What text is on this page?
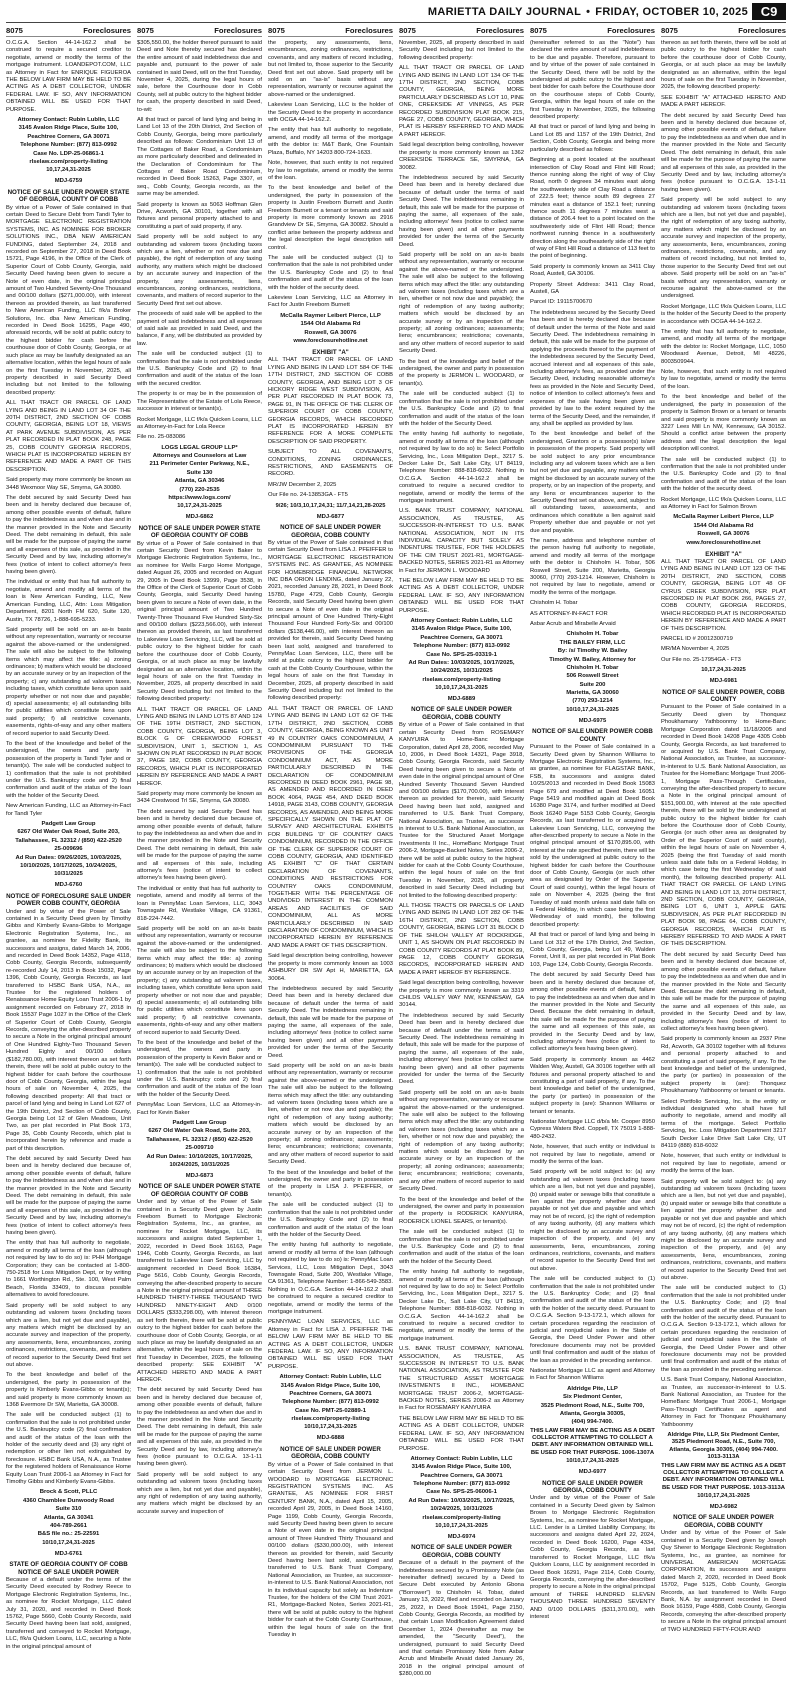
MARIETTA DAILY JOURNAL • FRIDAY, OCTOBER 10, 2025 C9
8075	Foreclosures

O.C.G.A. Section 44-14-162.2 shall be construed to require a secured creditor to negotiate, amend or modify the terms of the mortgage instrument. LOANDEPOT.COM, LLC as Attorney in Fact for ENRIQUE FIGUEROA THE BELOW LAW FIRM MAY BE HELD TO BE ACTING AS A DEBT COLLECTOR, UNDER FEDERAL LAW. IF SO, ANY INFORMATION OBTAINED WILL BE USED FOR THAT PURPOSE.

Attorney Contact: Rubin Lublin, LLC
3145 Avalon Ridge Place, Suite 100,
Peachtree Corners, GA 30071
Telephone Number: (877) 813-0992
Case No. LDP-25-06861-1
rlselaw.com/property-listing
10,17,24,31-2025
MDJ-6759
NOTICE OF SALE UNDER POWER STATE OF GEORGIA, COUNTY OF COBB

By virtue of a Power of Sale contained in that certain Deed to Secure Debt from Tandi Tyler to MORTGAGE ELECTRONIC REGISTRATION SYSTEMS, INC. AS NOMINEE FOR BROKER SOLUTIONS INC., DBA NEW AMERICAN FUNDING, dated September 24, 2018 and recorded on September 27, 2018 in Deed Book 15721, Page 4196, in the Office of the Clerk of Superior Court of Cobb County, Georgia, said Security Deed having been given to secure a Note of even date, in the original principal amount of Two Hundred Seventy-One Thousand and 00/100 dollars ($271,000.00), with interest thereon as provided therein, as last transferred to New American Funding, LLC f/k/a Broker Solutions, Inc. dba New American Funding, recorded in Deed Book 16295, Page 490, aforesaid records, will be sold at public outcry to the highest bidder for cash before the courthouse door of Cobb County, Georgia, or at such place as may be lawfully designated as an alternative location, within the legal hours of sale on the first Tuesday in November, 2025, all property described in said Security Deed including but not limited to the following described property:

ALL THAT TRACT OR PARCEL OF LAND LYING AND BEING IN LAND LOT 34 OF THE 20TH DISTRICT, 2ND SECTION OF COBB COUNTY, GEORGIA, BEING LOT 18, VIEWS AT PARK AVENUE SUBDIVISION, AS PER PLAT RECORDED IN PLAT BOOK 248, PAGE 25, COBB COUNTY GEORGIA RECORDS, WHICH PLAT IS INCORPORATED HEREIN BY REFERENCE AND MADE A PART OF THIS DESCRIPTION.

Said property may more commonly be known as 3448 Wexmoor Way SE, Smyrna, GA 30080.

The debt secured by said Security Deed has been and is hereby declared due because of, among other possible events of default, failure to pay the indebtedness as and when due and in the manner provided in the Note and Security Deed. The debt remaining in default, this sale will be made for the purpose of paying the same and all expenses of this sale, as provided in the Security Deed and by law, including attorney's fees (notice of intent to collect attorney's fees having been given).

The individual or entity that has full authority to negotiate, amend and modify all terms of the loan is New American Funding, LLC, New American Funding, LLC, Attn: Loss Mitigation Department, 8201 North FM 620, Suite 120, Austin, TX 78726, 1-888-695-5233.

Said property will be sold on an as-is basis without any representation, warranty or recourse against the above-named or the undersigned. The sale will also be subject to the following items which may affect the title: a) zoning ordinances; b) matters which would be disclosed by an accurate survey or by an inspection of the property; c) any outstanding ad valorem taxes, including taxes, which constitute liens upon said property whether or not now due and payable; d) special assessments; e) all outstanding bills for public utilities which constitute liens upon said property; f) all restrictive covenants, easements, rights-of-way and any other matters of record superior to said Security Deed.

To the best of the knowledge and belief of the undersigned, the owners and party in possession of the property is Tandi Tyler and or tenant(s). The sale will be conducted subject to 1) confirmation that the sale is not prohibited under the U.S. Bankruptcy code and 2) final confirmation and audit of the status of the loan with the holder of the Security Deed.

New American Funding, LLC as Attorney-in-Fact for Tandi Tyler

Padgett Law Group
6267 Old Water Oak Road, Suite 203,
Tallahassee, FL 32312 / (850) 422-2520
25-009696
Ad Run Dates: 09/26/2025, 10/03/2025,
10/10/2025, 10/17/2025, 10/24/2025,
10/31/2025
MDJ-6760
NOTICE OF FORECLOSURE SALE UNDER POWER COBB COUNTY, GEORGIA

Under and by virtue of the Power of Sale contained in a Security Deed given by Timothy Gibbs and Kimberly Evans-Gibbs to Mortgage Electronic Registration Systems, Inc., as grantee, as nominee for Fidelity Bank, its successors and assigns, dated March 14, 2006, and recorded in Deed Book 14352, Page 4118, Cobb County, Georgia Records, subsequently re-recorded July 14, 2013 in Book 15032, Page 1396, Cobb County, Georgia Records, as last transferred to HSBC Bank USA, N.A., as Trustee for the registered holders of Renaissance Home Equity Loan Trust 2006-1 by assignment recorded on February 27, 2018 in Book 15537 Page 1027 in the Office of the Clerk of Superior Court of Cobb County, Georgia Records, conveying the after-described property to secure a Note in the original principal amount of One Hundred Eighty-Two Thousand Seven Hundred Eighty and 00/100 dollars ($182,780.00), with interest thereon as set forth therein, there will be sold at public outcry to the highest bidder for cash before the courthouse door of Cobb County, Georgia, within the legal hours of sale on November 4, 2025, the following described property: All that tract or parcel of land lying and being in Land Lot 627 of the 19th District, 2nd Section of Cobb County, Georgia being Lot 12 of Glen Meadows, Unit Two, as per plat recorded in Plat Book 173, Page 35, Cobb County Records, which plat is incorporated herein by reference and made a part of this description.

The debt secured by said Security Deed has been and is hereby declared due because of, among other possible events of default, failure to pay the indebtedness as and when due and in the manner provided in the Note and Security Deed. The debt remaining in default, this sale will be made for the purpose of paying the same and all expenses of this sale, as provided in the Security Deed and by law, including attorney's fees (notice of intent to collect attorney's fees having been given).

The entity that has full authority to negotiate, amend or modify all terms of the loan (although not required by law to do so) is: PHH Mortgage Corporation; they can be contacted at 1-800-750-2518 for Loss Mitigation Dept, or by writing to 1661 Worthington Rd., Ste. 100, West Palm Beach, Florida 33409, to discuss possible alternatives to avoid foreclosure.

Said property will be sold subject to any outstanding ad valorem taxes (including taxes which are a lien, but not yet due and payable), any matters which might be disclosed by an accurate survey and inspection of the property, any assessments, liens, encumbrances, zoning ordinances, restrictions, covenants, and matters of record superior to the Security Deed first set out above.

To the best knowledge and belief of the undersigned, the party in possession of the property is Kimberly Evans-Gibbs or tenant(s); and said property is more commonly known as 1368 Evermore Dr SW, Marietta, GA 30008.

The sale will be conducted subject (1) to confirmation that the sale is not prohibited under the U.S. Bankruptcy code (2) final confirmation and audit of the status of the loan with the holder of the security deed and (3) any right of redemption or other lien not extinguished by foreclosure. HSBC Bank USA, N.A., as Trustee for the registered holders of Renaissance Home Equity Loan Trust 2006-1 as Attorney in Fact for Timothy Gibbs and Kimberly Evans-Gibbs.

Brock & Scott, PLLC
4360 Chamblee Dunwoody Road
Suite 310
Atlanta, GA 30341
404-789-2661
B&S file no.: 25-22591
10/10,17,24,31-2025
MDJ-6761
STATE OF GEORGIA COUNTY OF COBB NOTICE OF SALE UNDER POWER

Because of a default under the terms of the Security Deed executed by Rodney Reece to Mortgage Electronic Registration Systems, Inc., as nominee for Rocket Mortgage, LLC dated July 31, 2020, and recorded in Deed Book 15762, Page 5660, Cobb County Records, said Security Deed having been last sold, assigned, transferred and conveyed to Rocket Mortgage, LLC, f/k/a Quicken Loans, LLC, securing a Note in the original principal amount of

8075	Foreclosures

$305,550.00, the holder thereof pursuant to said Deed and Note thereby secured has declared the entire amount of said indebtedness due and payable and, pursuant to the power of sale contained in said Deed, will on the first Tuesday, November 4, 2025, during the legal hours of sale, before the Courthouse door in Cobb County, sell at public outcry to the highest bidder for cash, the property described in said Deed, to-wit:

All that tract or parcel of land lying and being in Land Lot 13 of the 20th District, 2nd Section of Cobb County, Georgia, being more particularly described as follows: Condominium Unit 13 of The Cottages of Baker Road, a Condominium as more particularly described and delineated in the Declaration of Condominium for The Cottages of Baker Road Condominium, recorded in Deed Book 15263, Page 3307, et seq., Cobb County, Georgia records, as the same may be amended.

Said property is known as 5063 Hoffman Glen Drive, Acworth, GA 30101, together with all fixtures and personal property attached to and constituting a part of said property, if any.

Said property will be sold subject to any outstanding ad valorem taxes (including taxes which are a lien, whether or not now due and payable), the right of redemption of any taxing authority, any matters which might be disclosed by an accurate survey and inspection of the property, any assessments, liens, encumbrances, zoning ordinances, restrictions, covenants, and matters of record superior to the Security Deed first set out above.

The proceeds of said sale will be applied to the payment of said indebtedness and all expenses of said sale as provided in said Deed, and the balance, if any, will be distributed as provided by law.

The sale will be conducted subject (1) to confirmation that the sale is not prohibited under the U.S. Bankruptcy Code and (2) to final confirmation and audit of the status of the loan with the secured creditor.

The property is or may be in the possession of The Representative of the Estate of Lola Reece, successor in interest or tenant(s).

Rocket Mortgage, LLC f/k/a Quicken Loans, LLC as Attorney-in-Fact for Lola Reece

File no. 25-083086

LOGS LEGAL GROUP LLP*
Attorneys and Counselors at Law
211 Perimeter Center Parkway, N.E.,
Suite 130
Atlanta, GA 30346
(770) 220-2535
https://www.logs.com/
10,17,24,31-2025
MDJ-6862
NOTICE OF SALE UNDER POWER STATE OF GEORGIA COUNTY OF COBB

By virtue of a Power of Sale contained in that certain Security Deed from Kevin Baker to Mortgage Electronic Registration Systems, Inc., as nominee for Wells Fargo Home Mortgage, dated August 26, 2005 and recorded on August 29, 2005 in Deed Book 13999, Page 3538, in the Office of the Clerk of Superior Court of Cobb County, Georgia, said Security Deed having been given to secure a Note of even date, in the original principal amount of Two Hundred Twenty-Three Thousand Five Hundred Sixty-Six and 00/100 dollars ($223,566.00), with interest thereon as provided therein, as last transferred to Lakeview Loan Servicing, LLC, will be sold at public outcry to the highest bidder for cash before the courthouse door of Cobb County, Georgia, or at such place as may be lawfully designated as an alternative location, within the legal hours of sale on the first Tuesday in November, 2025, all property described in said Security Deed including but not limited to the following described property:

ALL THAT TRACT OR PARCEL OF LAND LYING AND BEING IN LAND LOTS 87 AND 124 OF THE 19TH DISTRICT, 2ND SECTION, COBB COUNTY, GEORGIA, BEING LOT 3, BLOCK G OF CREEKWOOD FOREST SUBDIVISION, UNIT 1, SECTION 1, AS SHOWN ON PLAT RECORDED IN PLAT BOOK 37, PAGE 182, COBB COUNTY, GEORGIA RECORDS, WHICH PLAT IS INCORPORATED HEREIN BY REFERENCE AND MADE A PART HEREOF.

Said property may more commonly be known as 3434 Crestwood Trl SE, Smyrna, GA 30080.

The debt secured by said Security Deed has been and is hereby declared due because of, among other possible events of default, failure to pay the indebtedness as and when due and in the manner provided in the Note and Security Deed. The debt remaining in default, this sale will be made for the purpose of paying the same and all expenses of this sale, including attorney's fees (notice of intent to collect attorney's fees having been given).

The individual or entity that has full authority to negotiate, amend and modify all terms of the loan is PennyMac Loan Services, LLC, 3043 Townsgate Rd, Westlake Village, CA 91361, 818-224-7442.

Said property will be sold on an as-is basis without any representation, warranty or recourse against the above-named or the undersigned. The sale will also be subject to the following items which may affect the title: a) zoning ordinances; b) matters which would be disclosed by an accurate survey or by an inspection of the property; c) any outstanding ad valorem taxes, including taxes, which constitute liens upon said property whether or not now due and payable; d) special assessments; e) all outstanding bills for public utilities which constitute liens upon said property; f) all restrictive covenants, easements, rights-of-way and any other matters of record superior to said Security Deed.

To the best of the knowledge and belief of the undersigned, the owners and party in possession of the property is Kevin Baker and or tenant(s). The sale will be conducted subject to 1) confirmation that the sale is not prohibited under the U.S. Bankruptcy code and 2) final confirmation and audit of the status of the loan with the holder of the Security Deed.

PennyMac Loan Services, LLC as Attorney-in-Fact for Kevin Baker

Padgett Law Group
6267 Old Water Oak Road, Suite 203,
Tallahassee, FL 32312 / (850) 422-2520
25-009710
Ad Run Dates: 10/10/2025, 10/17/2025,
10/24/2025, 10/31/2025
MDJ-6873
NOTICE OF SALE UNDER POWER STATE OF GEORGIA COUNTY OF COBB

Under and by virtue of the Power of Sale contained in a Security Deed given by Justin Freeborn Burnett to Mortgage Electronic Registration Systems, Inc., as grantee, as nominee for Rocket Mortgage, LLC, its successors and assigns dated September 1, 2022, recorded in Deed Book 16163, Page 1946, Cobb County, Georgia Records, as last transferred to Lakeview Loan Servicing, LLC by assignment recorded in Deed Book 16384, Page 5616, Cobb County, Georgia Records, conveying the after-described property to secure a Note in the original principal amount of THREE HUNDRED THIRTY-THREE THOUSAND TWO HUNDRED NINETY-EIGHT AND 0/100 DOLLARS ($333,298.00), with interest thereon as set forth therein, there will be sold at public outcry to the highest bidder for cash before the courthouse door of Cobb County, Georgia, or at such place as may be lawfully designated as an alternative, within the legal hours of sale on the first Tuesday in December, 2025, the following described property: SEE EXHIBIT "A" ATTACHED HERETO AND MADE A PART HEREOF.

The debt secured by said Security Deed has been and is hereby declared due because of, among other possible events of default, failure to pay the indebtedness as and when due and in the manner provided in the Note and Security Deed. The debt remaining in default, this sale will be made for the purpose of paying the same and all expenses of this sale, as provided in the Security Deed and by law, including attorney's fees (notice pursuant to O.C.G.A. 13-1-11 having been given).

Said property will be sold subject to any outstanding ad valorem taxes (including taxes which are a lien, but not yet due and payable), any right of redemption of any taxing authority, any matters which might be disclosed by an accurate survey and inspection of

8075	Foreclosures

the property, any assessments, liens, encumbrances, zoning ordinances, restrictions, covenants, and any matters of record including, but not limited to, those superior to the Security Deed first set out above. Said property will be sold on an "as-is" basis without any representation, warranty or recourse against the above-named or the undersigned.

Lakeview Loan Servicing, LLC is the holder of the Security Deed to the property in accordance with OCGA 44-14-162.2.

The entity that has full authority to negotiate, amend, and modify all terms of the mortgage with the debtor is: M&T Bank, One Fountain Plaza, Buffalo, NY 14203 800-724-1633.

Note, however, that such entity is not required by law to negotiate, amend or modify the terms of the loan.

To the best knowledge and belief of the undersigned, the party in possession of the property is Justin Freeborn Burnett and Justin Freeborn Burnett or a tenant or tenants and said property is more commonly known as 2916 Grandview Dr SE, Smyrna, GA 30082. Should a conflict arise between the property address and the legal description the legal description will control.

The sale will be conducted subject (1) to confirmation that the sale is not prohibited under the U.S. Bankruptcy Code and (2) to final confirmation and audit of the status of the loan with the holder of the security deed.

Lakeview Loan Servicing, LLC as Attorney in Fact for Justin Freeborn Burnett

McCalla Raymer Leibert Pierce, LLP
1544 Old Alabama Rd
Roswell, GA 30076
www.foreclosurehotline.net
EXHIBIT "A"

ALL THAT TRACT OR PARCEL OF LAND LYING AND BEING IN LAND LOT 584 OF THE 17TH DISTRICT, 2ND SECTION OF COBB COUNTY, GEORGIA, AND BEING LOT 3 OF HICKORY RIDGE WEST SUBDIVISION, AS PER PLAT RECORDED IN PLAT BOOK 73, PAGE 91, IN THE OFFICE OF THE CLERK OF SUPERIOR COURT OF COBB COUNTY, GEORGIA RECORDS, WHICH RECORDED PLAT IS INCORPORATED HEREIN BY REFERENCE FOR A MORE COMPLETE DESCRIPTION OF SAID PROPERTY.

SUBJECT TO ALL COVENANTS, CONDITIONS, ZONING ORDINANCES, RESTRICTIONS, AND EASEMENTS OF RECORD.

MR/JW December 2, 2025

Our File no. 24-13853GA - FT5

9/26; 10/3,10,17,24,31; 11/7,14,21,28-2025
MDJ-6877
NOTICE OF SALE UNDER POWER GEORGIA, COBB COUNTY

By virtue of the Power of Sale contained in that certain Security Deed from LISA J. PFEIFFER to MORTGAGE ELECTRONIC REGISTRATION SYSTEMS INC. AS GRANTEE, AS NOMINEE FOR HOMEBRIDGE FINANCIAL NETWORK INC DBA ORION LENDING, dated January 22, 2021, recorded January 28, 2021, in Deed Book 15780, Page 4729, Cobb County, Georgia Records, said Security Deed having been given to secure a Note of even date in the original principal amount of One Hundred Thirty-Eight Thousand Four Hundred Forty-Six and 00/100 dollars ($138,446.00), with interest thereon as provided for therein, said Security Deed having been last sold, assigned and transferred to PennyMac Loan Services, LLC, there will be sold at public outcry to the highest bidder for cash at the Cobb County Courthouse, within the legal hours of sale on the first Tuesday in December, 2025, all property described in said Security Deed including but not limited to the following described property:

ALL THAT TRACT OR PARCEL OF LAND LYING AND BEING IN LAND LOT 62 OF THE 17TH DISTRICT, 2ND SECTION, COBB COUNTY, GEORGIA, BEING KNOWN AS UNIT 49 IN COUNTRY OAKS CONDOMINIUM, A CONDOMINIUM PURSUANT TO THE PROVISIONS OF THE GEORGIA CONDOMINIUM ACT, AS MORE PARTICULARLY DESCRIBED IN THE DECLARATION OF CONDOMINIUM RECORDED IN DEED BOOK 2961, PAGE 98, AS AMENDED AND RECORDED IN DEED BOOK 4064, PAGE 454, AND DEED BOOK 14918, PAGE 3143, COBB COUNTY, GEORGIA RECORDS, AS AMENDED, AND BEING MORE SPECIFICALLY SHOWN ON THE PLAT OF SURVEY AND ARCHITECTURAL EXHIBITS FOR BUILDING 'D' OF COUNTRY OAKS CONDOMINIUM, RECORDED IN THE OFFICE OF THE CLERK OF SUPERIOR COURT OF COBB COUNTY, GEORGIA, AND IDENTIFIED AS EXHIBIT "C" OF THAT CERTAIN DECLARATION OF COVENANTS, CONDITIONS AND RESTRICTIONS FOR COUNTRY OAKS CONDOMINIUM, TOGETHER WITH THE PERCENTAGE OF UNDIVIDED INTEREST IN THE COMMON AREAS AND FACILITIES OF SAID CONDOMINIUM, ALL AS MORE PARTICULARLY DESCRIBED IN SAID DECLARATION OF CONDOMINIUM, WHICH IS INCORPORATED HEREIN BY REFERENCE AND MADE A PART OF THIS DESCRIPTION.

Said legal description being controlling, however the property is more commonly known as 1003 ASHBURY DR SW Apt H, MARIETTA, GA 30064.

The indebtedness secured by said Security Deed has been and is hereby declared due because of default under the terms of said Security Deed. The indebtedness remaining in default, this sale will be made for the purpose of paying the same, all expenses of the sale, including attorneys' fees (notice to collect same having been given) and all other payments provided for under the terms of the Security Deed.

Said property will be sold on an as-is basis without any representation, warranty or recourse against the above-named or the undersigned. The sale will also be subject to the following items which may affect the title: any outstanding ad valorem taxes (including taxes which are a lien, whether or not now due and payable); the right of redemption of any taxing authority; matters which would be disclosed by an accurate survey or by an inspection of the property; all zoning ordinances; assessments; liens; encumbrances; restrictions; covenants, and any other matters of record superior to said Security Deed.

To the best of the knowledge and belief of the undersigned, the owner and party in possession of the property is LISA J. PFEIFFER, or tenant(s).

The sale will be conducted subject (1) to confirmation that the sale is not prohibited under the U.S. Bankruptcy Code and (2) to final confirmation and audit of the status of the loan with the holder of the Security Deed.

The entity having full authority to negotiate, amend or modify all terms of the loan (although not required by law to do so) is: PennyMac Loan Services, LLC, Loss Mitigation Dept., 3043 Townsgate Road, Suite 200, Westlake Village, CA 91361, Telephone Number: 1-866-549-3583. Nothing in O.C.G.A. Section 44-14-162.2 shall be construed to require a secured creditor to negotiate, amend or modify the terms of the mortgage instrument.

PENNYMAC LOAN SERVICES, LLC as Attorney in Fact for LISA J. PFEIFFER THE BELOW LAW FIRM MAY BE HELD TO BE ACTING AS A DEBT COLLECTOR, UNDER FEDERAL LAW. IF SO, ANY INFORMATION OBTAINED WILL BE USED FOR THAT PURPOSE.

Attorney Contact: Rubin Lublin, LLC
3145 Avalon Ridge Place, Suite 100,
Peachtree Corners, GA 30071
Telephone Number: (877) 813-0992
Case No. PMT-25-02889-1
rlselaw.com/property-listing
10/10,17,24,31-2025
MDJ-6888
NOTICE OF SALE UNDER POWER GEORGIA, COBB COUNTY

By virtue of a Power of Sale contained in that certain Security Deed from JERMON L. WOODARD to MORTGAGE ELECTRONIC REGISTRATION SYSTEMS INC. AS GRANTEE, AS NOMINEE FOR FIRST CENTURY BANK, N.A., dated April 15, 2005, recorded April 29, 2005, in Deed Book 14160, Page 1199, Cobb County, Georgia Records, said Security Deed having been given to secure a Note of even date in the original principal amount of Three Hundred Thirty Thousand and 00/100 dollars ($330,000.00), with interest thereon as provided for therein, said Security Deed having been last sold, assigned and transferred to U.S. Bank Trust Company, National Association, as Trustee, as successor-in-interest to U.S. Bank National Association, not in its individual capacity but solely as Indenture Trustee, for the holders of the CIM Trust 2021-R1, Mortgage-Backed Notes, Series 2021-R1, there will be sold at public outcry to the highest bidder for cash at the Cobb County Courthouse, within the legal hours of sale on the first Tuesday in

8075	Foreclosures

November, 2025, all property described in said Security Deed including but not limited to the following described property:

ALL THAT TRACT OR PARCEL OF LAND LYING AND BEING IN LAND LOT 134 OF THE 17TH DISTRICT, 2ND SECTION, COBB COUNTY, GEORGIA, BEING MORE PARTICULARLY DESCRIBED AS LOT 10, PINE ONE, CREEKSIDE AT VININGS, AS PER RECORDED SUBDIVISION PLAT BOOK 215, PAGE 27, COBB COUNTY, GEORGIA, WHICH PLAT IS HEREBY REFERRED TO AND MADE A PART HEREOF.

Said legal description being controlling, however the property is more commonly known as 1362 CREEKSIDE TERRACE SE, SMYRNA, GA 30082.

The indebtedness secured by said Security Deed has been and is hereby declared due because of default under the terms of said Security Deed. The indebtedness remaining in default, this sale will be made for the purpose of paying the same, all expenses of the sale, including attorneys' fees (notice to collect same having been given) and all other payments provided for under the terms of the Security Deed.

Said property will be sold on an as-is basis without any representation, warranty or recourse against the above-named or the undersigned. The sale will also be subject to the following items which may affect the title: any outstanding ad valorem taxes (including taxes which are a lien, whether or not now due and payable); the right of redemption of any taxing authority; matters which would be disclosed by an accurate survey or by an inspection of the property; all zoning ordinances; assessments; liens; encumbrances; restrictions; covenants, and any other matters of record superior to said Security Deed.

To the best of the knowledge and belief of the undersigned, the owner and party in possession of the property is JERMON L. WOODARD, or tenant(s).

The sale will be conducted subject (1) to confirmation that the sale is not prohibited under the U.S. Bankruptcy Code and (2) to final confirmation and audit of the status of the loan with the holder of the Security Deed.

The entity having full authority to negotiate, amend or modify all terms of the loan (although not required by law to do so) is: Select Portfolio Servicing, Inc., Loss Mitigation Dept., 3217 S. Decker Lake Dr., Salt Lake City, UT 84119, Telephone Number: 888-818-6032. Nothing in O.C.G.A. Section 44-14-162.2 shall be construed to require a secured creditor to negotiate, amend or modify the terms of the mortgage instrument.

U.S. BANK TRUST COMPANY, NATIONAL ASSOCIATION, AS TRUSTEE, AS SUCCESSOR-IN-INTEREST TO U.S. BANK NATIONAL ASSOCIATION, NOT IN ITS INDIVIDUAL CAPACITY BUT SOLELY AS INDENTURE TRUSTEE, FOR THE HOLDERS OF THE CIM TRUST 2021-R1, MORTGAGE-BACKED NOTES, SERIES 2021-R1 as Attorney in Fact for JERMON L. WOODARD

THE BELOW LAW FIRM MAY BE HELD TO BE ACTING AS A DEBT COLLECTOR, UNDER FEDERAL LAW. IF SO, ANY INFORMATION OBTAINED WILL BE USED FOR THAT PURPOSE.

Attorney Contact: Rubin Lublin, LLC
3145 Avalon Ridge Place, Suite 100,
Peachtree Corners, GA 30071
Telephone Number: (877) 813-0992
Case No. SPS-25-03319-1
Ad Run Dates: 10/03/2025, 10/17/2025,
10/24/2025, 10/31/2025
rlselaw.com/property-listing
10,10,17,24,31-2025
MDJ-6889
NOTICE OF SALE UNDER POWER GEORGIA, COBB COUNTY

By virtue of a Power of Sale contained in that certain Security Deed from ROSEMARY KANYUIRA to Home-Banc Mortgage Corporation, dated April 28, 2006, recorded May 10, 2006, in Deed Book 14321, Page 3918, Cobb County, Georgia Records, said Security Deed having been given to secure a Note of even date in the original principal amount of One Hundred Seventy Thousand Seven Hundred and 00/100 dollars ($170,700.00), with interest thereon as provided for therein, said Security Deed having been last sold, assigned and transferred to U.S. Bank Trust Company, National Association, as Trustee, as successor in interest to U.S. Bank National Association, as Trustee for the Structured Asset Mortgage Investments II Inc., HomeBanc Mortgage Trust 2006-2, Mortgage-Backed Notes, Series 2006-2, there will be sold at public outcry to the highest bidder for cash at the Cobb County Courthouse, within the legal hours of sale on the first Tuesday in November, 2025, all property described in said Security Deed including but not limited to the following described property:

ALL THOSE TRACTS OR PARCELS OF LAND LYING AND BEING IN LAND LOT 282 OF THE 16TH DISTRICT, 2ND SECTION, COBB COUNTY, GEORGIA, BEING LOT 31 BLOCK D OF THE SHILOH VALLEY AT ROCKRIDGE, UNIT 1, AS SHOWN ON PLAT RECORDED IN COBB COUNTY RECORDS AT PLAT BOOK 89, PAGE 12, COBB COUNTY GEORGIA RECORDS, INCORPORATED HEREIN AND MADE A PART HEREOF BY REFERENCE.

Said legal description being controlling, however the property is more commonly known as 3319 CHILDS VALLEY WAY NW, KENNESAW, GA 30144.

The indebtedness secured by said Security Deed has been and is hereby declared due because of default under the terms of said Security Deed. The indebtedness remaining in default, this sale will be made for the purpose of paying the same, all expenses of the sale, including attorneys' fees (notice to collect same having been given) and all other payments provided for under the terms of the Security Deed.

Said property will be sold on an as-is basis without any representation, warranty or recourse against the above-named or the undersigned. The sale will also be subject to the following items which may affect the title: any outstanding ad valorem taxes (including taxes which are a lien, whether or not now due and payable); the right of redemption of any taxing authority; matters which would be disclosed by an accurate survey or by an inspection of the property; all zoning ordinances; assessments; liens; encumbrances; restrictions; covenants, and any other matters of record superior to said Security Deed.

To the best of the knowledge and belief of the undersigned, the owner and party in possession of the property is RODERICK KANYUIRA, RODERICK LIONEL SEARS, or tenant(s).

The sale will be conducted subject (1) to confirmation that the sale is not prohibited under the U.S. Bankruptcy Code and (2) to final confirmation and audit of the status of the loan with the holder of the Security Deed.

The entity having full authority to negotiate, amend or modify all terms of the loan (although not required by law to do so) is: Select Portfolio Servicing, Inc., Loss Mitigation Dept., 3217 S. Decker Lake Dr., Salt Lake City, UT 84119, Telephone Number: 888-818-6032. Nothing in O.C.G.A. Section 44-14-162.2 shall be construed to require a secured creditor to negotiate, amend or modify the terms of the mortgage instrument.

U.S. BANK TRUST COMPANY, NATIONAL ASSOCIATION, AS TRUSTEE, AS SUCCESSOR IN INTEREST TO U.S. BANK NATIONAL ASSOCIATION, AS TRUSTEE FOR THE STRUCTURED ASSET MORTGAGE INVESTMENTS II INC., HOMEBANC MORTGAGE TRUST 2006-2, MORTGAGE-BACKED NOTES, SERIES 2006-2 as Attorney in Fact for ROSEMARY KANYUIRA

THE BELOW LAW FIRM MAY BE HELD TO BE ACTING AS A DEBT COLLECTOR, UNDER FEDERAL LAW. IF SO, ANY INFORMATION OBTAINED WILL BE USED FOR THAT PURPOSE.

Attorney Contact: Rubin Lublin, LLC
3145 Avalon Ridge Place, Suite 100,
Peachtree Corners, GA 30071
Telephone Number: (877) 813-0992
Case No. SPS-25-06006-1
Ad Run Dates: 10/03/2025, 10/17/2025,
10/24/2025, 10/31/2025
rlselaw.com/property-listing
10,10,17,24,31-2025
MDJ-6974
NOTICE OF SALE UNDER POWER GEORGIA, COBB COUNTY

Because of a default in the payment of the indebtedness secured by a Promissory Note (as hereinafter defined) secured by a Deed to Secure Debt executed by Antonio Gbona ("Borrower") to Chisholm H. Tobar, dated January 13, 2022, filed and recorded on January 25, 2022, in Deed Book 15941, Page 2150, Cobb County, Georgia Records, as modified by that certain Loan Modification Agreement dated December 1, 2024 (hereinafter as may be amended, the "Security Deed"), the undersigned, pursuant to said Security Deed and that certain Promissory Note from Asbar Acrub and Mirabelle Arvaid dated January 26, 2018 in the original principal amount of $280,000.00

8075	Foreclosures

(hereinafter referred to as the "Note") has declared the entire amount of said indebtedness to be due and payable. Therefore, pursuant to and by virtue of the power of sale contained in the Security Deed, there will be sold by the undersigned at public outcry to the highest and best bidder for cash before the Courthouse door on the courthouse steps of Cobb County, Georgia, within the legal hours of sale on the first Tuesday in November, 2025, the following described property:

All that tract or parcel of land lying and being in Land Lot 85 and 1157 of the 19th District, 2nd Section, Cobb County, Georgia and being more particularly described as follows:

Beginning at a point located at the southeast intersection of Clay Road and Flint Hill Road; thence running along the right of way of Clay Road, north 0 degrees 34 minutes east along the southwesterly side of Clay Road a distance of 222.5 feet; thence south 89 degrees 27 minutes east a distance of 152.1 feet; running thence south 11 degrees 7 minutes west a distance of 206.4 feet to a point located on the southwesterly side of Flint Hill Road; thence northwest running thence in a southwesterly direction along the southeasterly side of the right of way of Flint Hill Road a distance of 113 feet to the point of beginning.

Said property is commonly known as 3411 Clay Road, Austell, GA 30106.

Property Street Address: 3411 Clay Road, Austell, GA

Parcel ID: 19115700670

The indebtedness secured by the Security Deed has been and is hereby declared due because of default under the terms of the Note and said Security Deed. The indebtedness remaining in default, this sale will be made for the purpose of applying the proceeds thereof to the payment of the indebtedness secured by the Security Deed, accrued interest and all expenses of this sale, including attorney's fees, as provided under the Security Deed, including reasonable attorney's fees as provided in the Note and Security Deed, notice of intention to collect attorney's fees and expenses of the sale having been given as provided by law to the extent required by the terms of the Security Deed, and the remainder, if any, shall be applied as provided by law.

To the best knowledge and belief of the undersigned, Grantors or a possessor(s) is/are in possession of the property. Said property will be sold subject to any prior encumbrance including any ad valorem taxes which are a lien but not yet due and payable, any matters which might be disclosed by an accurate survey of the property, or by an inspection of the property, and any liens or encumbrances superior to the Security Deed first set out above, and, subject to all outstanding taxes, assessments, and ordinances which constitute a lien against said Property whether due and payable or not yet due and payable.

The name, address and telephone number of the person having full authority to negotiate, amend and modify all terms of the mortgage with the debtor is Chisholm H. Tobar, 506 Roswell Street, Suite 200, Marietta, Georgia 30060, (770) 293-1214. However, Chisholm is not required by law to negotiate, amend or modify the terms of the mortgage.

Chisholm H. Tobar

AS ATTORNEY-IN-FACT FOR

Asbar Acrub and Mirabelle Arvaid

Chisholm H. Tobar
THE BAILEY FIRM, LLC
By: /s/ Timothy W. Bailey
Timothy W. Bailey, Attorney for
Chisholm H. Tobar
506 Roswell Street
Suite 200
Marietta, GA 30060
(770) 293-1214
10/10,17,24,31-2025
MDJ-6975
NOTICE OF SALE UNDER POWER COBB COUNTY

Pursuant to the Power of Sale contained in a Security Deed given by Shannon Williams to Mortgage Electronic Registration Systems, Inc., as grantee, as nominee for FLAGSTAR BANK, FSB, its successors and assigns dated 10/25/2013 and recorded in Deed Book 15083 Page 679 and modified at Deed Book 16051 Page 5419 and modified again at Deed Book 16380 Page 3174, and further modified at Deed Book 16240 Page 5153 Cobb County, Georgia Records, as last transferred to or acquired by Lakeview Loan Servicing, LLC, conveying the after-described property to secure a Note in the original principal amount of $170,895.00, with interest at the rate specified therein, there will be sold by the undersigned at public outcry to the highest bidder for cash before the Courthouse door of Cobb County, Georgia (or such other area as designated by Order of the Superior Court of said county), within the legal hours of sale on November 4, 2025 (being the first Tuesday of said month unless said date falls on a Federal Holiday, in which case being the first Wednesday of said month), the following described property:

All that tract or parcel of land lying and being in Land Lot 312 of the 17th District, 2nd Section, Cobb County, Georgia, being Lot 49, Walden Forest, Unit II, as per plat recorded in Plat Book 103, Page 124, Cobb County, Georgia Records.

The debt secured by said Security Deed has been and is hereby declared due because of, among other possible events of default, failure to pay the indebtedness as and when due and in the manner provided in the Note and Security Deed. Because the debt remaining in default, this sale will be made for the purpose of paying the same and all expenses of this sale, as provided in the Security Deed and by law, including attorney's fees (notice of intent to collect attorney's fees having been given).

Said property is commonly known as 4462 Walden Way, Austell, GA 30106 together with all fixtures and personal property attached to and constituting a part of said property, if any. To the best knowledge and belief of the undersigned, the party (or parties) in possession of the subject property is (are): Shannon Williams or tenant or tenants.

Nationstar Mortgage LLC d/b/a Mr. Cooper 8950 Cypress Waters Blvd. Coppell, TX 75019 1-888-480-2432.

Note, however, that such entity or individual is not required by law to negotiate, amend or modify the terms of the loan.

Said property will be sold subject to: (a) any outstanding ad valorem taxes (including taxes which are a lien, but not yet due and payable), (b) unpaid water or sewage bills that constitute a lien against the property whether due and payable or not yet due and payable and which may not be of record, (c) the right of redemption of any taxing authority, (d) any matters which might be disclosed by an accurate survey and inspection of the property, and (e) any assessments, liens, encumbrances, zoning ordinances, restrictions, covenants, and matters of record superior to the Security Deed first set out above.

The sale will be conducted subject to (1) confirmation that the sale is not prohibited under the U.S. Bankruptcy Code; and (2) final confirmation and audit of the status of the loan with the holder of the security deed. Pursuant to O.C.G.A. Section 9-13-172.1, which allows for certain procedures regarding the rescission of judicial and nonjudicial sales in the State of Georgia, the Deed Under Power and other foreclosure documents may not be provided until final confirmation and audit of the status of the loan as provided in the preceding sentence.

Nationstar Mortgage LLC as agent and Attorney in Fact for Shannon Williams

Aldridge Pite, LLP
Six Piedmont Center,
3525 Piedmont Road, N.E., Suite 700,
Atlanta, Georgia 30305,
(404) 994-7400.
THIS LAW FIRM MAY BE ACTING AS A DEBT COLLECTOR ATTEMPTING TO COLLECT A DEBT. ANY INFORMATION OBTAINED WILL BE USED FOR THAT PURPOSE. 1006-1307A
10/10,17,24,31-2025
MDJ-6977
NOTICE OF SALE UNDER POWER GEORGIA, COBB COUNTY

Under and by virtue of the Power of Sale contained in a Security Deed given by Salmon Brown to Mortgage Electronic Registration Systems, Inc., as nominee for Rocket Mortgage, LLC. Lender is a Limited Liability Company, its successors and assigns dated April 22, 2024, recorded in Deed Book 16200, Page 4334, Cobb County, Georgia Records, as last transferred to Rocket Mortgage, LLC f/k/a Quicken Loans, LLC by assignment recorded in Deed Book 16291, Page 2114, Cobb County, Georgia Records, conveying the after-described property to secure a Note in the original principal amount of THREE HUNDRED ELEVEN THOUSAND THREE HUNDRED SEVENTY AND 0/100 DOLLARS ($311,370.00), with interest

8075	Foreclosures

thereon as set forth therein, there will be sold at public outcry to the highest bidder for cash before the courthouse door of Cobb County, Georgia, or at such place as may be lawfully designated as an alternative, within the legal hours of sale on the first Tuesday in November, 2025, the following described property:

SEE EXHIBIT "A" ATTACHED HERETO AND MADE A PART HEREOF.

The debt secured by said Security Deed has been and is hereby declared due because of, among other possible events of default, failure to pay the indebtedness as and when due and in the manner provided in the Note and Security Deed. The debt remaining in default, this sale will be made for the purpose of paying the same and all expenses of this sale, as provided in the Security Deed and by law, including attorney's fees (notice pursuant to O.C.G.A. 13-1-11 having been given).

Said property will be sold subject to any outstanding ad valorem taxes (including taxes which are a lien, but not yet due and payable), the right of redemption of any taxing authority, any matters which might be disclosed by an accurate survey and inspection of the property, any assessments, liens, encumbrances, zoning ordinances, restrictions, covenants, and any matters of record including, but not limited to, those superior to the Security Deed first set out above. Said property will be sold on an "as-is" basis without any representation, warranty or recourse against the above-named or the undersigned.

Rocket Mortgage, LLC f/k/a Quicken Loans, LLC is the holder of the Security Deed to the property in accordance with OCGA 44-14-162.2.

The entity that has full authority to negotiate, amend, and modify all terms of the mortgage with the debtor is: Rocket Mortgage, LLC, 1050 Woodward Avenue, Detroit, MI 48226, 8003509944.

Note, however, that such entity is not required by law to negotiate, amend or modify the terms of the loan.

To the best knowledge and belief of the undersigned, the party in possession of the property is Salmon Brown or a tenant or tenants and said property is more commonly known as 3227 Lees Mill Ln NW, Kennesaw, GA 30152. Should a conflict arise between the property address and the legal description the legal description will control.

The sale will be conducted subject (1) to confirmation that the sale is not prohibited under the U.S. Bankruptcy Code and (2) to final confirmation and audit of the status of the loan with the holder of the security deed.

Rocket Mortgage, LLC f/k/a Quicken Loans, LLC as Attorney in Fact for Salmon Brown

McCalla Raymer Leibert Pierce, LLP
1544 Old Alabama Rd
Roswell, GA 30076
www.foreclosurehotline.net
EXHIBIT "A"

ALL THAT TRACT OR PARCEL OF LAND LYING AND BEING IN LAND LOT 123 OF THE 20TH DISTRICT, 2ND SECTION, COBB COUNTY, GEORGIA, BEING LOT 48 OF CYRUS CREEK SUBDIVISION, PER PLAT RECORDED IN PLAT BOOK 266, PAGES 27, COBB COUNTY, GEORGIA RECORDS, WHICH RECORDED PLAT IS INCORPORATED HEREIN BY REFERENCE AND MADE A PART OF THIS DESCRIPTION.

PARCEL ID # 20012300719

MR/MA November 4, 2025

Our File no. 25-17954GA - FT3

10,17,24,31-2025
MDJ-6981
NOTICE OF SALE UNDER POWER, COBB COUNTY

Pursuant to the Power of Sale contained in a Security Deed given by Thonquez Phoukhamany Yathboonmy to Home-Banc Mortgage Corporation dated 11/18/2005 and recorded in Deed Book 14208 Page 4305 Cobb County, Georgia Records, as last transferred to or acquired by U.S. Bank Trust Company, National Association, as Trustee, as successor-in-interest to U.S. Bank National Association, as Trustee for the HomeBanc Mortgage Trust 2006-1, Mortgage Pass-Through Certificates, conveying the after-described property to secure a Note in the original principal amount of $151,900.00, with interest at the rate specified therein, there will be sold by the undersigned at public outcry to the highest bidder for cash before the Courthouse door of Cobb County, Georgia (or such other area as designated by Order of the Superior Court of said county), within the legal hours of sale on November 4, 2025 (being the first Tuesday of said month unless said date falls on a Federal Holiday, in which case being the first Wednesday of said month), the following described property: ALL THAT TRACT OR PARCEL OF LAND LYING AND BEING IN LAND LOT 13, 20TH DISTRICT, 2ND SECTION, COBB COUNTY, GEORGIA, BEING LOT 6, UNIT 1, APPLE GATE SUBDIVISION, AS PER PLAT RECORDED IN PLAT BOOK 98, PAGE 64, COBB COUNTY, GEORGIA RECORDS, WHICH PLAT IS HEREBY REFERRED TO AND MADE A PART OF THIS DESCRIPTION.

The debt secured by said Security Deed has been and is hereby declared due because of, among other possible events of default, failure to pay the indebtedness as and when due and in the manner provided in the Note and Security Deed. Because the debt remaining in default, this sale will be made for the purpose of paying the same and all expenses of this sale, as provided in the Security Deed and by law, including attorney's fees (notice of intent to collect attorney's fees having been given).

Said property is commonly known as 2937 Pine Rd, Acworth, GA 30102 together with all fixtures and personal property attached to and constituting a part of said property, if any. To the best knowledge and belief of the undersigned, the party (or parties) in possession of the subject property is (are): Thonquez Phoukhamany Yathboonmy or tenant or tenants.

Select Portfolio Servicing, Inc. is the entity or individual designated who shall have full authority to negotiate, amend and modify all terms of the mortgage. Select Portfolio Servicing, Inc. Loss Mitigation Department 3217 South Decker Lake Drive Salt Lake City, UT 84119 (888) 818-6032

Note, however, that such entity or individual is not required by law to negotiate, amend or modify the terms of the loan.

Said property will be sold subject to: (a) any outstanding ad valorem taxes (including taxes which are a lien, but not yet due and payable), (b) unpaid water or sewage bills that constitute a lien against the property whether due and payable or not yet due and payable and which may not be of record, (c) the right of redemption of any taxing authority, (d) any matters which might be disclosed by an accurate survey and inspection of the property, and (e) any assessments, liens, encumbrances, zoning ordinances, restrictions, covenants, and matters of record superior to the Security Deed first set out above.

The sale will be conducted subject to (1) confirmation that the sale is not prohibited under the U.S. Bankruptcy Code; and (2) final confirmation and audit of the status of the loan with the holder of the security deed. Pursuant to O.C.G.A. Section 9-13-172.1, which allows for certain procedures regarding the rescission of judicial and nonjudicial sales in the State of Georgia, the Deed Under Power and other foreclosure documents may not be provided until final confirmation and audit of the status of the loan as provided in the preceding sentence.

U.S. Bank Trust Company, National Association, as Trustee, as successor-in-interest to U.S. Bank National Association, as Trustee for the HomeBanc Mortgage Trust 2006-1, Mortgage Pass-Through Certificates as agent and Attorney in Fact for Thonquez Phoukhamany Yathboonmy

Aldridge Pite, LLP, Six Piedmont Center, 3525 Piedmont Road, N.E., Suite 700, Atlanta, Georgia 30305, (404) 994-7400. 1013-3113A
THIS LAW FIRM MAY BE ACTING AS A DEBT COLLECTOR ATTEMPTING TO COLLECT A DEBT. ANY INFORMATION OBTAINED WILL BE USED FOR THAT PURPOSE. 1013-3113A
10/10,17,24,31-2025
MDJ-6982
NOTICE OF SALE UNDER POWER GEORGIA, COBB COUNTY

Under and by virtue of the Power of Sale contained in a Security Deed given by Joseph Quy Sherer to Mortgage Electronic Registration Systems, Inc., as grantee, as nominee for UNIVERSAL AMERICAN MORTGAGE CORPORATION, its successors and assigns dated March 2, 2020, recorded in Deed Book 15702, Page 5125, Cobb County, Georgia Records, as last transferred to Wells Fargo Bank, N.A. by assignment recorded in Deed Book 16159, Page 4588, Cobb County, Georgia Records, conveying the after-described property to secure a Note in the original principal amount of TWO HUNDRED FIFTY-FOUR AND
